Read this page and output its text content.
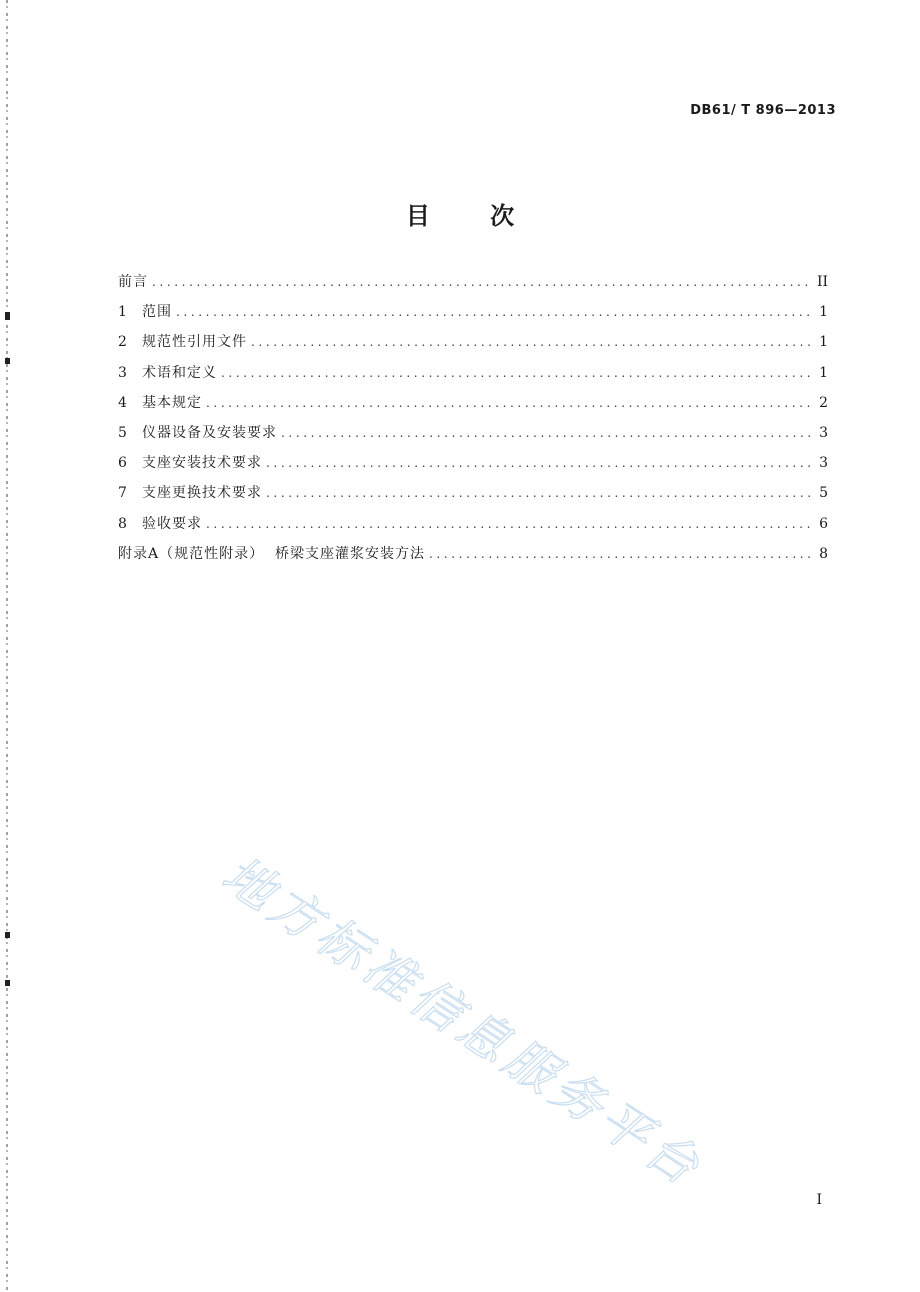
DB61/ T 896—2013
目 次
前言 .....	II
1	范围 .....	1
2	规范性引用文件 .....	1
3	术语和定义 .....	1
4	基本规定 .....	2
5	仪器设备及安装要求 .....	3
6	支座安装技术要求 .....	3
7	支座更换技术要求 .....	5
8	验收要求 .....	6
附录A（规范性附录）  桥梁支座灌浆安装方法 .....	8
地方标准信息服务平台
I
